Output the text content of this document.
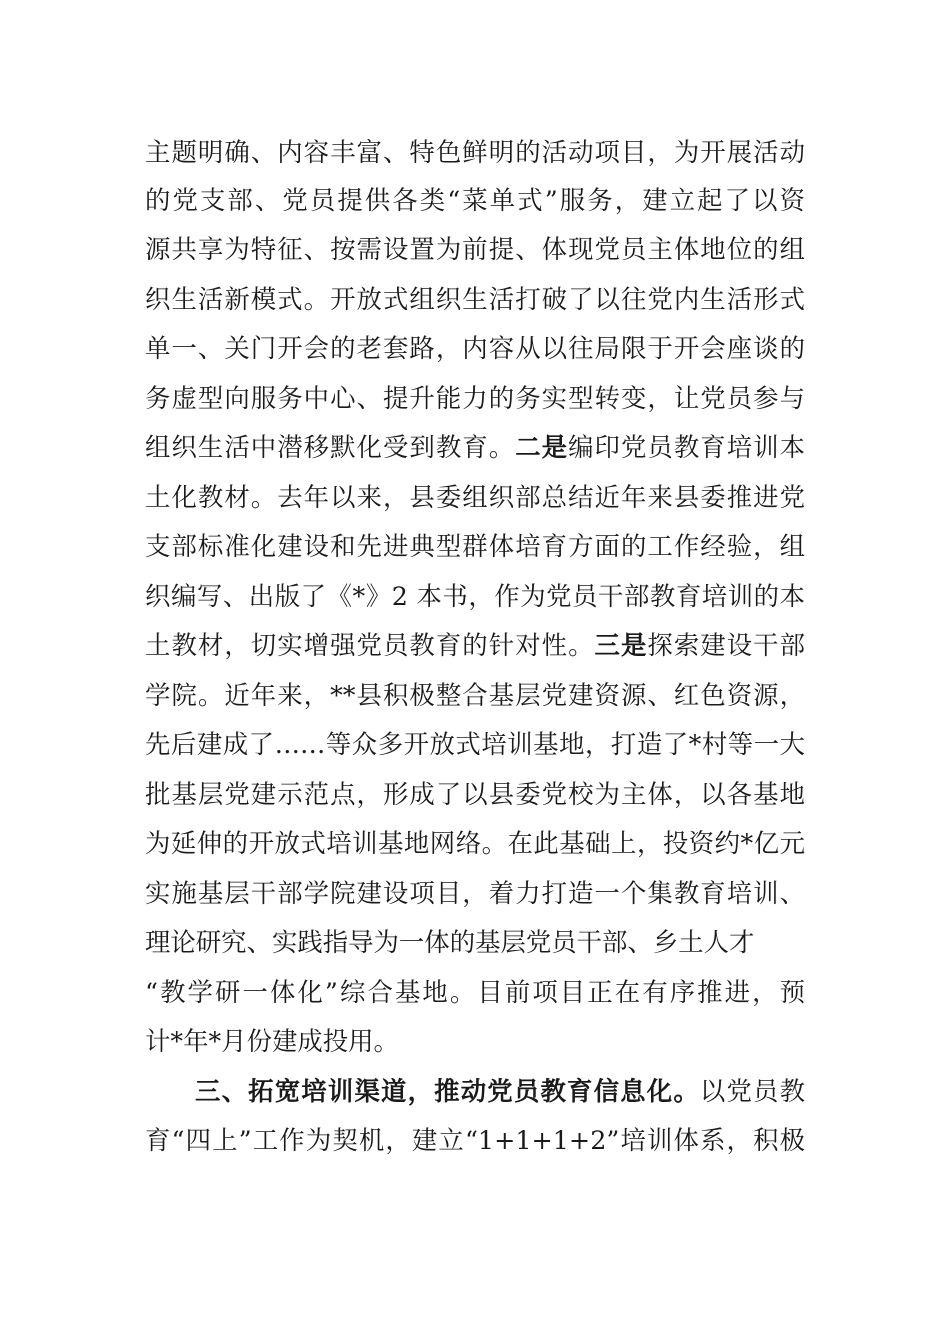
主题明确、内容丰富、特色鲜明的活动项目，为开展活动
的党支部、党员提供各类“菜单式”服务，建立起了以资
源共享为特征、按需设置为前提、体现党员主体地位的组
织生活新模式。开放式组织生活打破了以往党内生活形式
单一、关门开会的老套路，内容从以往局限于开会座谈的
务虚型向服务中心、提升能力的务实型转变，让党员参与
组织生活中潜移默化受到教育。二是编印党员教育培训本
土化教材。去年以来，县委组织部总结近年来县委推进党
支部标准化建设和先进典型群体培育方面的工作经验，组
织编写、出版了《*》2 本书，作为党员干部教育培训的本
土教材，切实增强党员教育的针对性。三是探索建设干部
学院。近年来，**县积极整合基层党建资源、红色资源，
先后建成了……等众多开放式培训基地，打造了*村等一大
批基层党建示范点，形成了以县委党校为主体，以各基地
为延伸的开放式培训基地网络。在此基础上，投资约*亿元
实施基层干部学院建设项目，着力打造一个集教育培训、
理论研究、实践指导为一体的基层党员干部、乡土人才
“教学研一体化”综合基地。目前项目正在有序推进，预
计*年*月份建成投用。
三、拓宽培训渠道，推动党员教育信息化。以党员教
育“四上”工作为契机，建立“1+1+1+2”培训体系，积极
